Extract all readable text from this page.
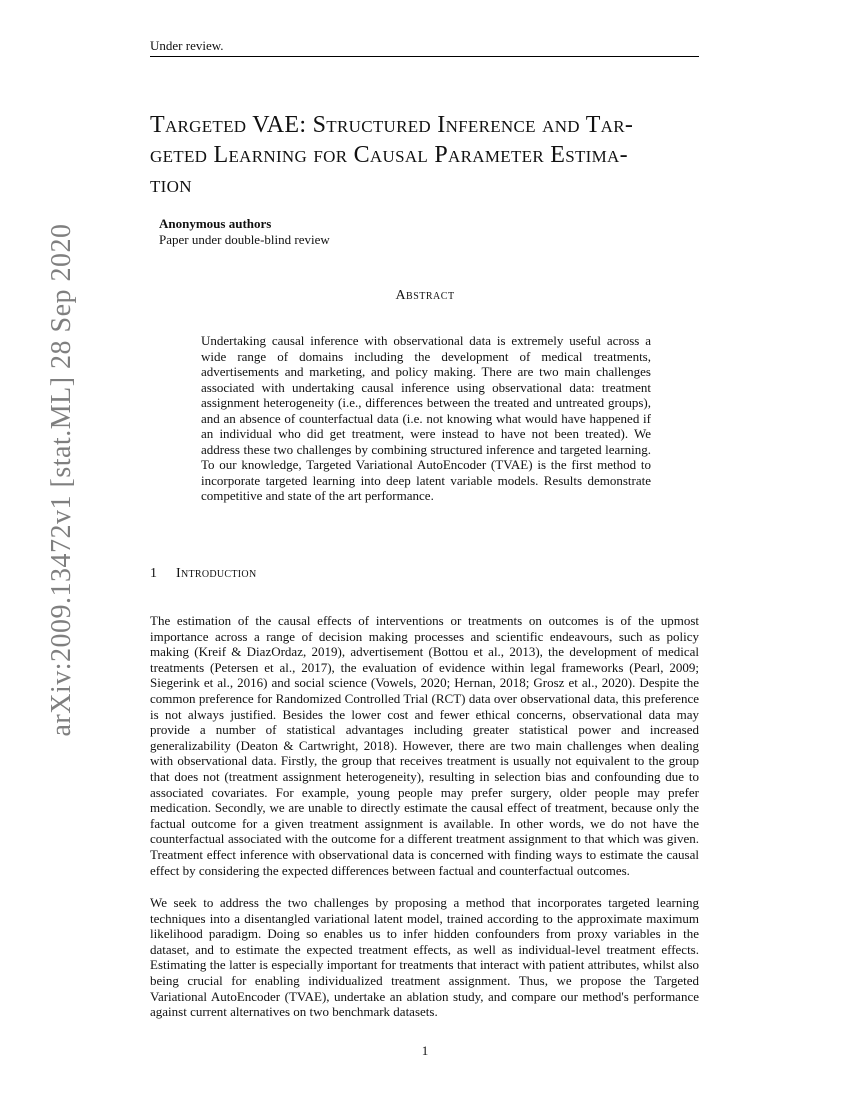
Under review.
arXiv:2009.13472v1 [stat.ML] 28 Sep 2020
Targeted VAE: Structured Inference and Tar-
geted Learning for Causal Parameter Estima-
tion
Anonymous authors
Paper under double-blind review
Abstract
Undertaking causal inference with observational data is extremely useful across a wide range of domains including the development of medical treatments, advertisements and marketing, and policy making. There are two main challenges associated with undertaking causal inference using observational data: treatment assignment heterogeneity (i.e., differences between the treated and untreated groups), and an absence of counterfactual data (i.e. not knowing what would have happened if an individual who did get treatment, were instead to have not been treated). We address these two challenges by combining structured inference and targeted learning. To our knowledge, Targeted Variational AutoEncoder (TVAE) is the first method to incorporate targeted learning into deep latent variable models. Results demonstrate competitive and state of the art performance.
1 Introduction

The estimation of the causal effects of interventions or treatments on outcomes is of the upmost importance across a range of decision making processes and scientific endeavours, such as policy making (Kreif & DiazOrdaz, 2019), advertisement (Bottou et al., 2013), the development of medical treatments (Petersen et al., 2017), the evaluation of evidence within legal frameworks (Pearl, 2009; Siegerink et al., 2016) and social science (Vowels, 2020; Hernan, 2018; Grosz et al., 2020). Despite the common preference for Randomized Controlled Trial (RCT) data over observational data, this preference is not always justified. Besides the lower cost and fewer ethical concerns, observational data may provide a number of statistical advantages including greater statistical power and increased generalizability (Deaton & Cartwright, 2018). However, there are two main challenges when dealing with observational data. Firstly, the group that receives treatment is usually not equivalent to the group that does not (treatment assignment heterogeneity), resulting in selection bias and confounding due to associated covariates. For example, young people may prefer surgery, older people may prefer medication. Secondly, we are unable to directly estimate the causal effect of treatment, because only the factual outcome for a given treatment assignment is available. In other words, we do not have the counterfactual associated with the outcome for a different treatment assignment to that which was given. Treatment effect inference with observational data is concerned with finding ways to estimate the causal effect by considering the expected differences between factual and counterfactual outcomes.

We seek to address the two challenges by proposing a method that incorporates targeted learning techniques into a disentangled variational latent model, trained according to the approximate maximum likelihood paradigm. Doing so enables us to infer hidden confounders from proxy variables in the dataset, and to estimate the expected treatment effects, as well as individual-level treatment effects. Estimating the latter is especially important for treatments that interact with patient attributes, whilst also being crucial for enabling individualized treatment assignment. Thus, we propose the Targeted Variational AutoEncoder (TVAE), undertake an ablation study, and compare our method's performance against current alternatives on two benchmark datasets.

1
